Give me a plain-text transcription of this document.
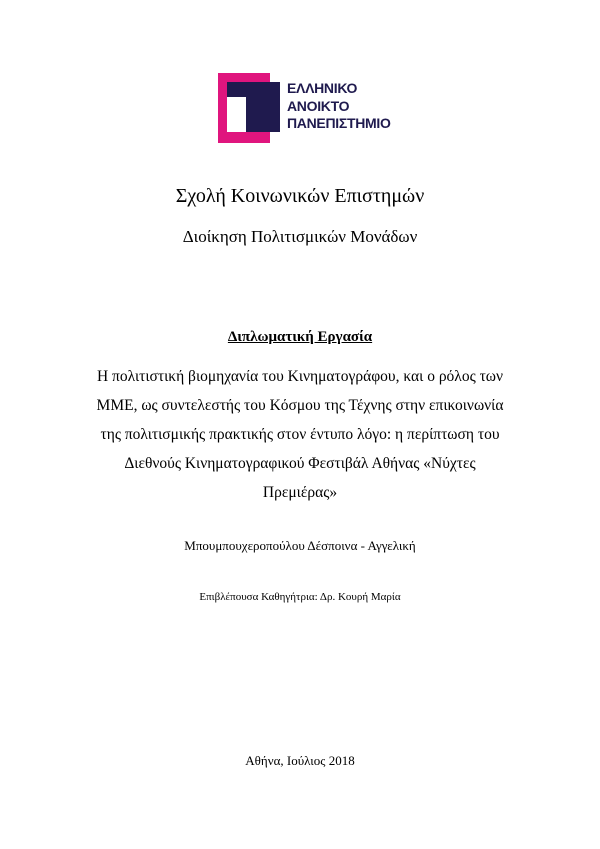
ΕΛΛΗΝΙΚΟ
ΑΝΟΙΚΤΟ
ΠΑΝΕΠΙΣΤΗΜΙΟ
Σχολή Κοινωνικών Επιστημών
Διοίκηση Πολιτισμικών Μονάδων
Διπλωματική Εργασία
Η πολιτιστική βιομηχανία του Κινηματογράφου, και ο ρόλος των
ΜΜΕ, ως συντελεστής του Κόσμου της Τέχνης στην επικοινωνία
της πολιτισμικής πρακτικής στον έντυπο λόγο: η περίπτωση του
Διεθνούς Κινηματογραφικού Φεστιβάλ Αθήνας «Νύχτες
Πρεμιέρας»
Μπουμπουχεροπούλου Δέσποινα - Αγγελική
Επιβλέπουσα Καθηγήτρια: Δρ. Κουρή Μαρία
Αθήνα, Ιούλιος 2018
